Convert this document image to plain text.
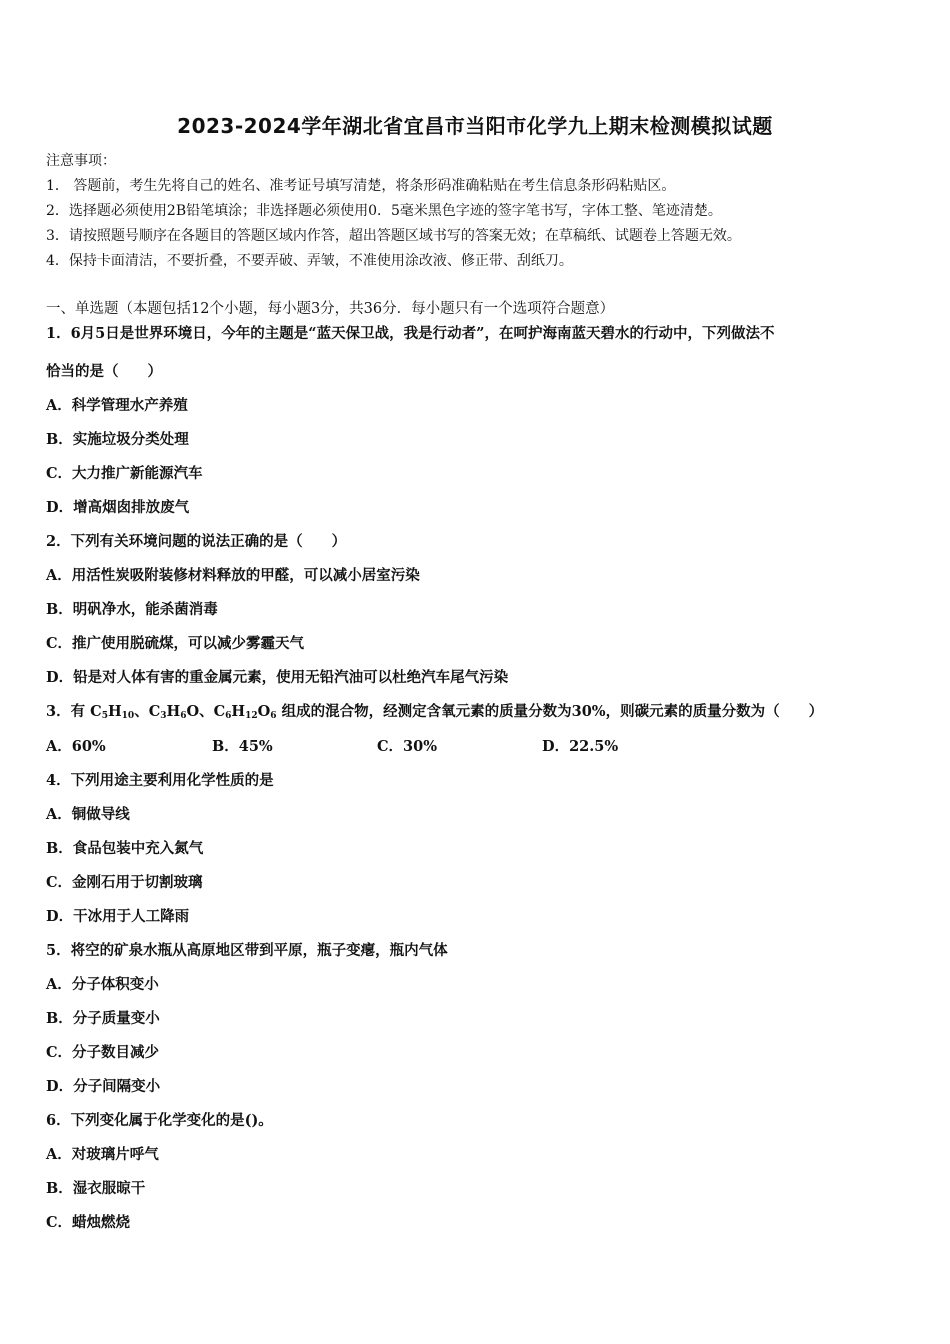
2023-2024学年湖北省宜昌市当阳市化学九上期末检测模拟试题
注意事项：
1． 答题前，考生先将自己的姓名、准考证号填写清楚，将条形码准确粘贴在考生信息条形码粘贴区。
2．选择题必须使用2B铅笔填涂；非选择题必须使用0．5毫米黑色字迹的签字笔书写，字体工整、笔迹清楚。
3．请按照题号顺序在各题目的答题区域内作答，超出答题区域书写的答案无效；在草稿纸、试题卷上答题无效。
4．保持卡面清洁，不要折叠，不要弄破、弄皱，不准使用涂改液、修正带、刮纸刀。
一、单选题（本题包括12个小题，每小题3分，共36分．每小题只有一个选项符合题意）
1．6月5日是世界环境日，今年的主题是“蓝天保卫战，我是行动者”，在呵护海南蓝天碧水的行动中，下列做法不
恰当的是（　　）
A．科学管理水产养殖
B．实施垃圾分类处理
C．大力推广新能源汽车
D．增高烟囱排放废气
2．下列有关环境问题的说法正确的是（　　）
A．用活性炭吸附装修材料释放的甲醛，可以减小居室污染
B．明矾净水，能杀菌消毒
C．推广使用脱硫煤，可以减少雾霾天气
D．铅是对人体有害的重金属元素，使用无铅汽油可以杜绝汽车尾气污染
3．有 $C_5H_{10}$、$C_3H_6O$、$C_6H_{12}O_6$ 组成的混合物，经测定含氧元素的质量分数为30%，则碳元素的质量分数为（　　）
A．60%	B．45%	C．30%	D．22.5%
4．下列用途主要利用化学性质的是
A．铜做导线
B．食品包装中充入氮气
C．金刚石用于切割玻璃
D．干冰用于人工降雨
5．将空的矿泉水瓶从高原地区带到平原，瓶子变瘪，瓶内气体
A．分子体积变小
B．分子质量变小
C．分子数目减少
D．分子间隔变小
6．下列变化属于化学变化的是()。
A．对玻璃片呼气
B．湿衣服晾干
C．蜡烛燃烧
